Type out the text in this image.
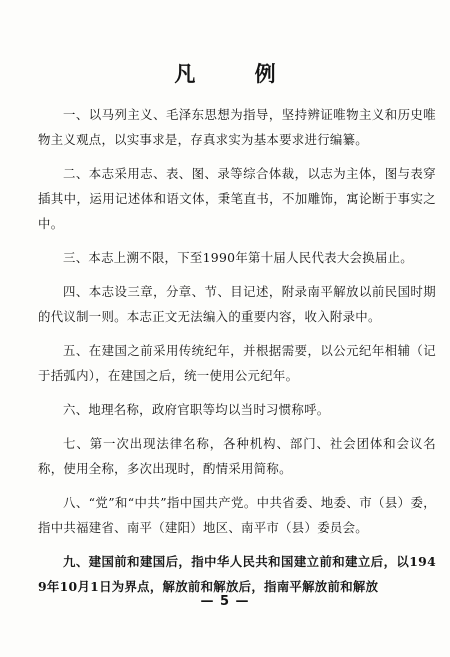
凡 例

一、以马列主义、毛泽东思想为指导，坚持辨证唯物主义和历史唯物主义观点，以实事求是，存真求实为基本要求进行编纂。

二、本志采用志、表、图、录等综合体裁，以志为主体，图与表穿插其中，运用记述体和语文体，秉笔直书，不加雕饰，寓论断于事实之中。

三、本志上溯不限，下至1990年第十届人民代表大会换届止。

四、本志设三章，分章、节、目记述，附录南平解放以前民国时期的代议制一则。本志正文无法编入的重要内容，收入附录中。

五、在建国之前采用传统纪年，并根据需要，以公元纪年相辅（记于括弧内），在建国之后，统一使用公元纪年。

六、地理名称，政府官职等均以当时习惯称呼。

七、第一次出现法律名称，各种机构、部门、社会团体和会议名称，使用全称，多次出现时，酌情采用简称。

八、“党”和“中共”指中国共产党。中共省委、地委、市（县）委，指中共福建省、南平（建阳）地区、南平市（县）委员会。

九、建国前和建国后，指中华人民共和国建立前和建立后，以1949年10月1日为界点，解放前和解放后，指南平解放前和解放

— 5 —
